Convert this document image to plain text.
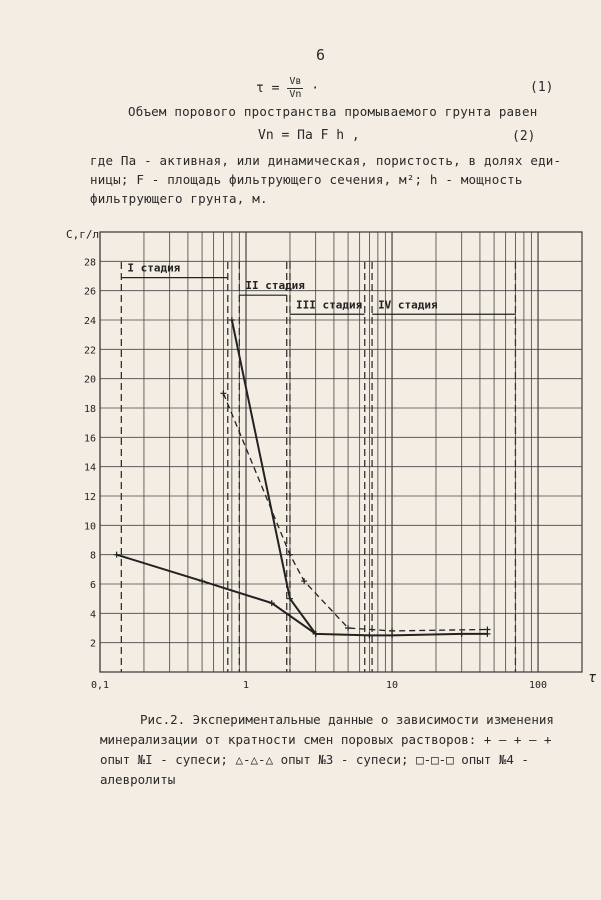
6
$\tau = \frac{Vв}{Vn}$ ·	(1)
Объем порового пространства промываемого грунта равен
Vn = Πa F h ,	(2)
где Πa - активная, или динамическая, пористость, в долях еди-
ницы; F - площадь фильтрующего сечения, м²; h - мощность
фильтрующего грунта, м.
I стадия
II стадия
III стадия IV стадия
0,1	1	10	100
2
4
6
8
10
12
14
16
18
20
22
24
26
28
C,г/л
τ
Рис.2. Экспериментальные данные о зависимости изменения
минерализации от кратности смен поровых растворов: + — + — +
опыт №I - супеси; △-△-△ опыт №3 - супеси; □-□-□ опыт №4 -
алевролиты
